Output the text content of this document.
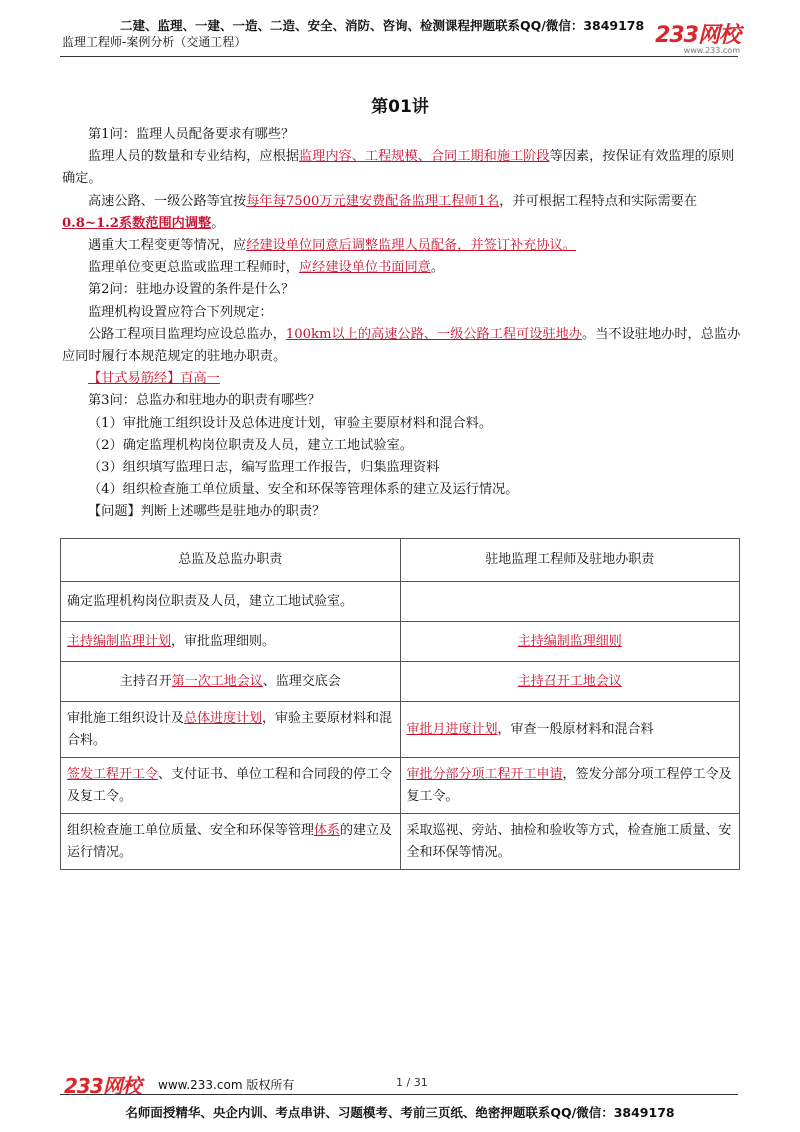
二建、监理、一建、一造、二造、安全、消防、咨询、检测课程押题联系QQ/微信：3849178
监理工程师-案例分析（交通工程）	233网校
www.233.com
第01讲

第1问：监理人员配备要求有哪些？

监理人员的数量和专业结构，应根据监理内容、工程规模、合同工期和施工阶段等因素，按保证有效监理的原则确定。

高速公路、一级公路等宜按每年每7500万元建安费配备监理工程师1名，并可根据工程特点和实际需要在0.8~1.2系数范围内调整。

遇重大工程变更等情况，应经建设单位同意后调整监理人员配备，并签订补充协议。

监理单位变更总监或监理工程师时，应经建设单位书面同意。

第2问：驻地办设置的条件是什么？

监理机构设置应符合下列规定：

公路工程项目监理均应设总监办，100km以上的高速公路、一级公路工程可设驻地办。当不设驻地办时，总监办应同时履行本规范规定的驻地办职责。

【甘式易筋经】百高一

第3问：总监办和驻地办的职责有哪些？

（1）审批施工组织设计及总体进度计划，审验主要原材料和混合料。

（2）确定监理机构岗位职责及人员，建立工地试验室。

（3）组织填写监理日志，编写监理工作报告，归集监理资料

（4）组织检查施工单位质量、安全和环保等管理体系的建立及运行情况。

【问题】判断上述哪些是驻地办的职责？

总监及总监办职责	驻地监理工程师及驻地办职责
确定监理机构岗位职责及人员，建立工地试验室。	
主持编制监理计划，审批监理细则。	主持编制监理细则
主持召开第一次工地会议、监理交底会	主持召开工地会议
审批施工组织设计及总体进度计划，审验主要原材料和混合料。	审批月进度计划，审查一般原材料和混合料
签发工程开工令、支付证书、单位工程和合同段的停工令及复工令。	审批分部分项工程开工申请，签发分部分项工程停工令及复工令。
组织检查施工单位质量、安全和环保等管理体系的建立及运行情况。	采取巡视、旁站、抽检和验收等方式，检查施工质量、安全和环保等情况。
233网校 www.233.com 版权所有	1 / 31
名师面授精华、央企内训、考点串讲、习题模考、考前三页纸、绝密押题联系QQ/微信：3849178
